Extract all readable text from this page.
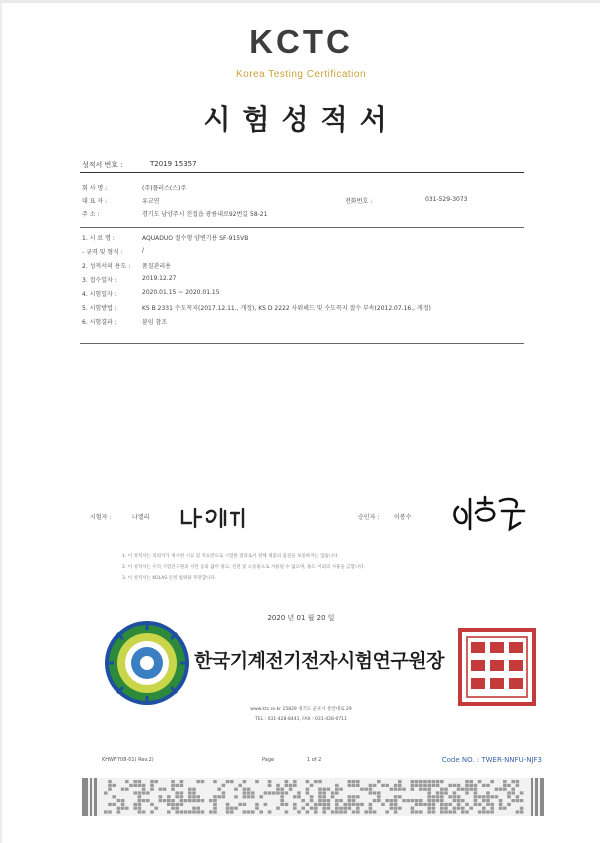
KCTC
Korea Testing Certification
시험성적서
성적서 번호 :	T2019 15357
회 사 명 :	(주)플러스(스)주
대 표 자 :	유교연	전화번호 :	031-529-3073
주 소 :	경기도 남양주시 진접읍 광릉내로92번길 58-21
1. 시 료 명 :	AQUADUO 절수형 양변기용 SF-915VB
- 규격 및 형식 :	/
2. 성적서의 용도 : 품질관리용
3. 접수일자 :	2019.12.27
4. 시험일자 :	2020.01.15 ~ 2020.01.15
5. 시험방법 :	KS B 2331 수도꼭지(2017.12.11., 개정), KS D 2222 사워헤드 및 수도꼭지 절수 부속(2012.07.16., 개정)
6. 시험결과 :	붙임 참조
시험자 :	나엘리	승인자 : 이봉수
1. 이 성적서는 의뢰자가 제시한 시료 및 자료만으로 시험한 결과로서 전체 제품의 품질을 보증하지는 않습니다.
2. 이 성적서는 우리 시험연구원의 서면 동의 없이 광고, 선전 및 소송용으로 사용될 수 없으며, 용도 이외의 사용을 금합니다.
3. 이 성적서는 KOLAS 인정 범위와 무관합니다.
2020 년 01 월 20 일
한국기계전기전자시험연구원장
www.ktc.re.kr 15829 경기도 군포시 흥안대로 29
TEL : 031-428-8441, FAX : 031-428-0711
KHWF708-01( Rev.2)	Page	1 of 2	Code NO. : TWER-NNFU-NJF3
